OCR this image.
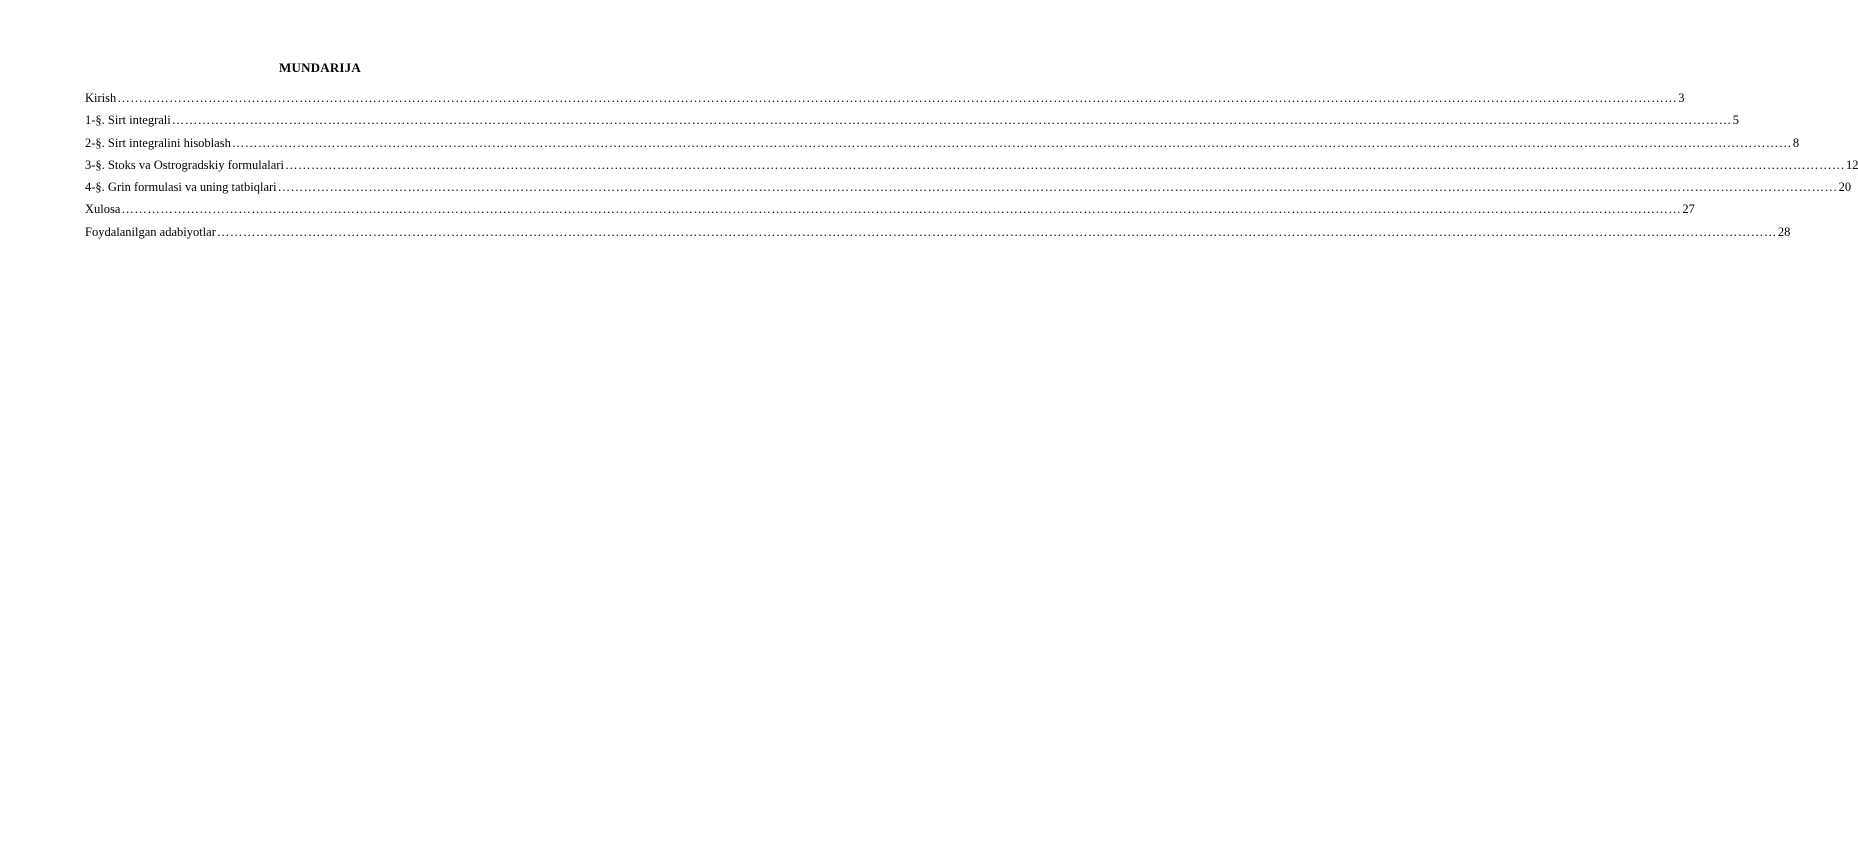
MUNDARIJA
Kirish ……………………………………………………………………………………………………………………………………………………………………………………………………………………………………………………………………………………………………………………………… 3
1-§. Sirt integrali ……………………………………………………………………………………………………………………………………………………………………………………………………………………………………………………………………………………………………………………………… 5
2-§. Sirt integralini hisoblash ……………………………………………………………………………………………………………………………………………………………………………………………………………………………………………………………………………………………………………………………… 8
3-§. Stoks va Ostrogradskiy formulalari ……………………………………………………………………………………………………………………………………………………………………………………………………………………………………………………………………………………………………………………………… 12
4-§. Grin formulasi va uning tatbiqlari ……………………………………………………………………………………………………………………………………………………………………………………………………………………………………………………………………………………………………………………………… 20
Xulosa ……………………………………………………………………………………………………………………………………………………………………………………………………………………………………………………………………………………………………………………………… 27
Foydalanilgan adabiyotlar ……………………………………………………………………………………………………………………………………………………………………………………………………………………………………………………………………………………………………………………………… 28
